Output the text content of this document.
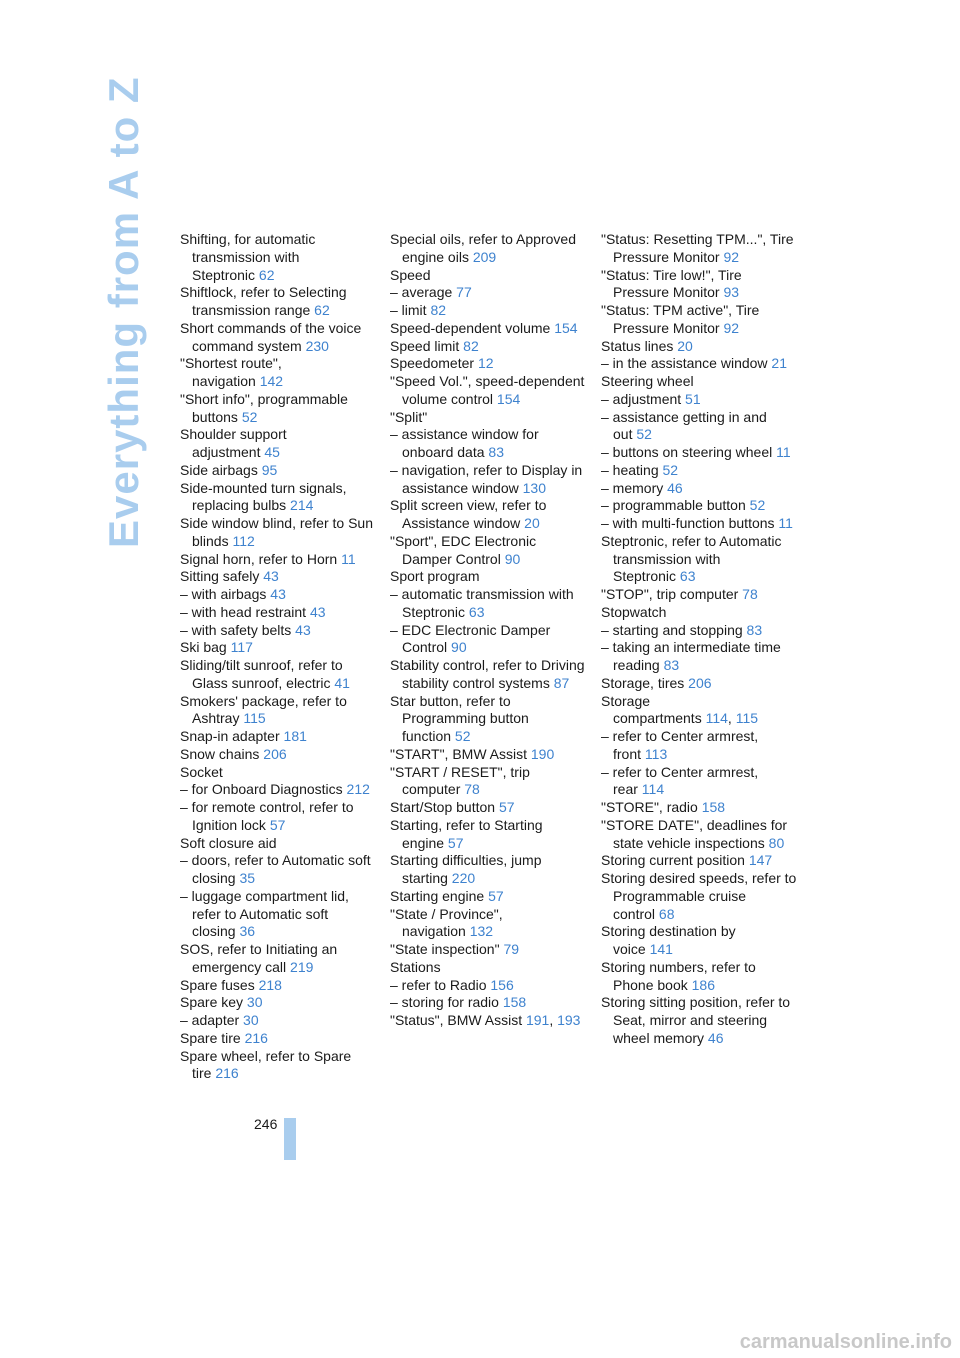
Everything from A to Z Shifting, for automatic transmission with Steptronic 62
Shiftlock, refer to Selecting transmission range 62
Short commands of the voice command system 230
"Shortest route", navigation 142
"Short info", programmable buttons 52
Shoulder support adjustment 45
Side airbags 95
Side-mounted turn signals, replacing bulbs 214
Side window blind, refer to Sun blinds 112
Signal horn, refer to Horn 11
Sitting safely 43
– with airbags 43
– with head restraint 43
– with safety belts 43
Ski bag 117
Sliding/tilt sunroof, refer to Glass sunroof, electric 41
Smokers' package, refer to Ashtray 115
Snap-in adapter 181
Snow chains 206
Socket
– for Onboard Diagnostics 212
– for remote control, refer to Ignition lock 57
Soft closure aid
– doors, refer to Automatic soft closing 35
– luggage compartment lid, refer to Automatic soft closing 36
SOS, refer to Initiating an emergency call 219
Spare fuses 218
Spare key 30
– adapter 30
Spare tire 216
Spare wheel, refer to Spare tire 216
Special oils, refer to Approved engine oils 209
Speed
– average 77
– limit 82
Speed-dependent volume 154
Speed limit 82
Speedometer 12
"Speed Vol.", speed-dependent volume control 154
"Split"
– assistance window for onboard data 83
– navigation, refer to Display in assistance window 130
Split screen view, refer to Assistance window 20
"Sport", EDC Electronic Damper Control 90
Sport program
– automatic transmission with Steptronic 63
– EDC Electronic Damper Control 90
Stability control, refer to Driving stability control systems 87
Star button, refer to Programming button function 52
"START", BMW Assist 190
"START / RESET", trip computer 78
Start/Stop button 57
Starting, refer to Starting engine 57
Starting difficulties, jump starting 220
Starting engine 57
"State / Province", navigation 132
"State inspection" 79
Stations
– refer to Radio 156
– storing for radio 158
"Status", BMW Assist 191, 193
"Status: Resetting TPM...", Tire Pressure Monitor 92
"Status: Tire low!", Tire Pressure Monitor 93
"Status: TPM active", Tire Pressure Monitor 92
Status lines 20
– in the assistance window 21
Steering wheel
– adjustment 51
– assistance getting in and out 52
– buttons on steering wheel 11
– heating 52
– memory 46
– programmable button 52
– with multi-function buttons 11
Steptronic, refer to Automatic transmission with Steptronic 63
"STOP", trip computer 78
Stopwatch
– starting and stopping 83
– taking an intermediate time reading 83
Storage, tires 206
Storage compartments 114, 115
– refer to Center armrest, front 113
– refer to Center armrest, rear 114
"STORE", radio 158
"STORE DATE", deadlines for state vehicle inspections 80
Storing current position 147
Storing desired speeds, refer to Programmable cruise control 68
Storing destination by voice 141
Storing numbers, refer to Phone book 186
Storing sitting position, refer to Seat, mirror and steering wheel memory 46
246
carmanualsonline.info
